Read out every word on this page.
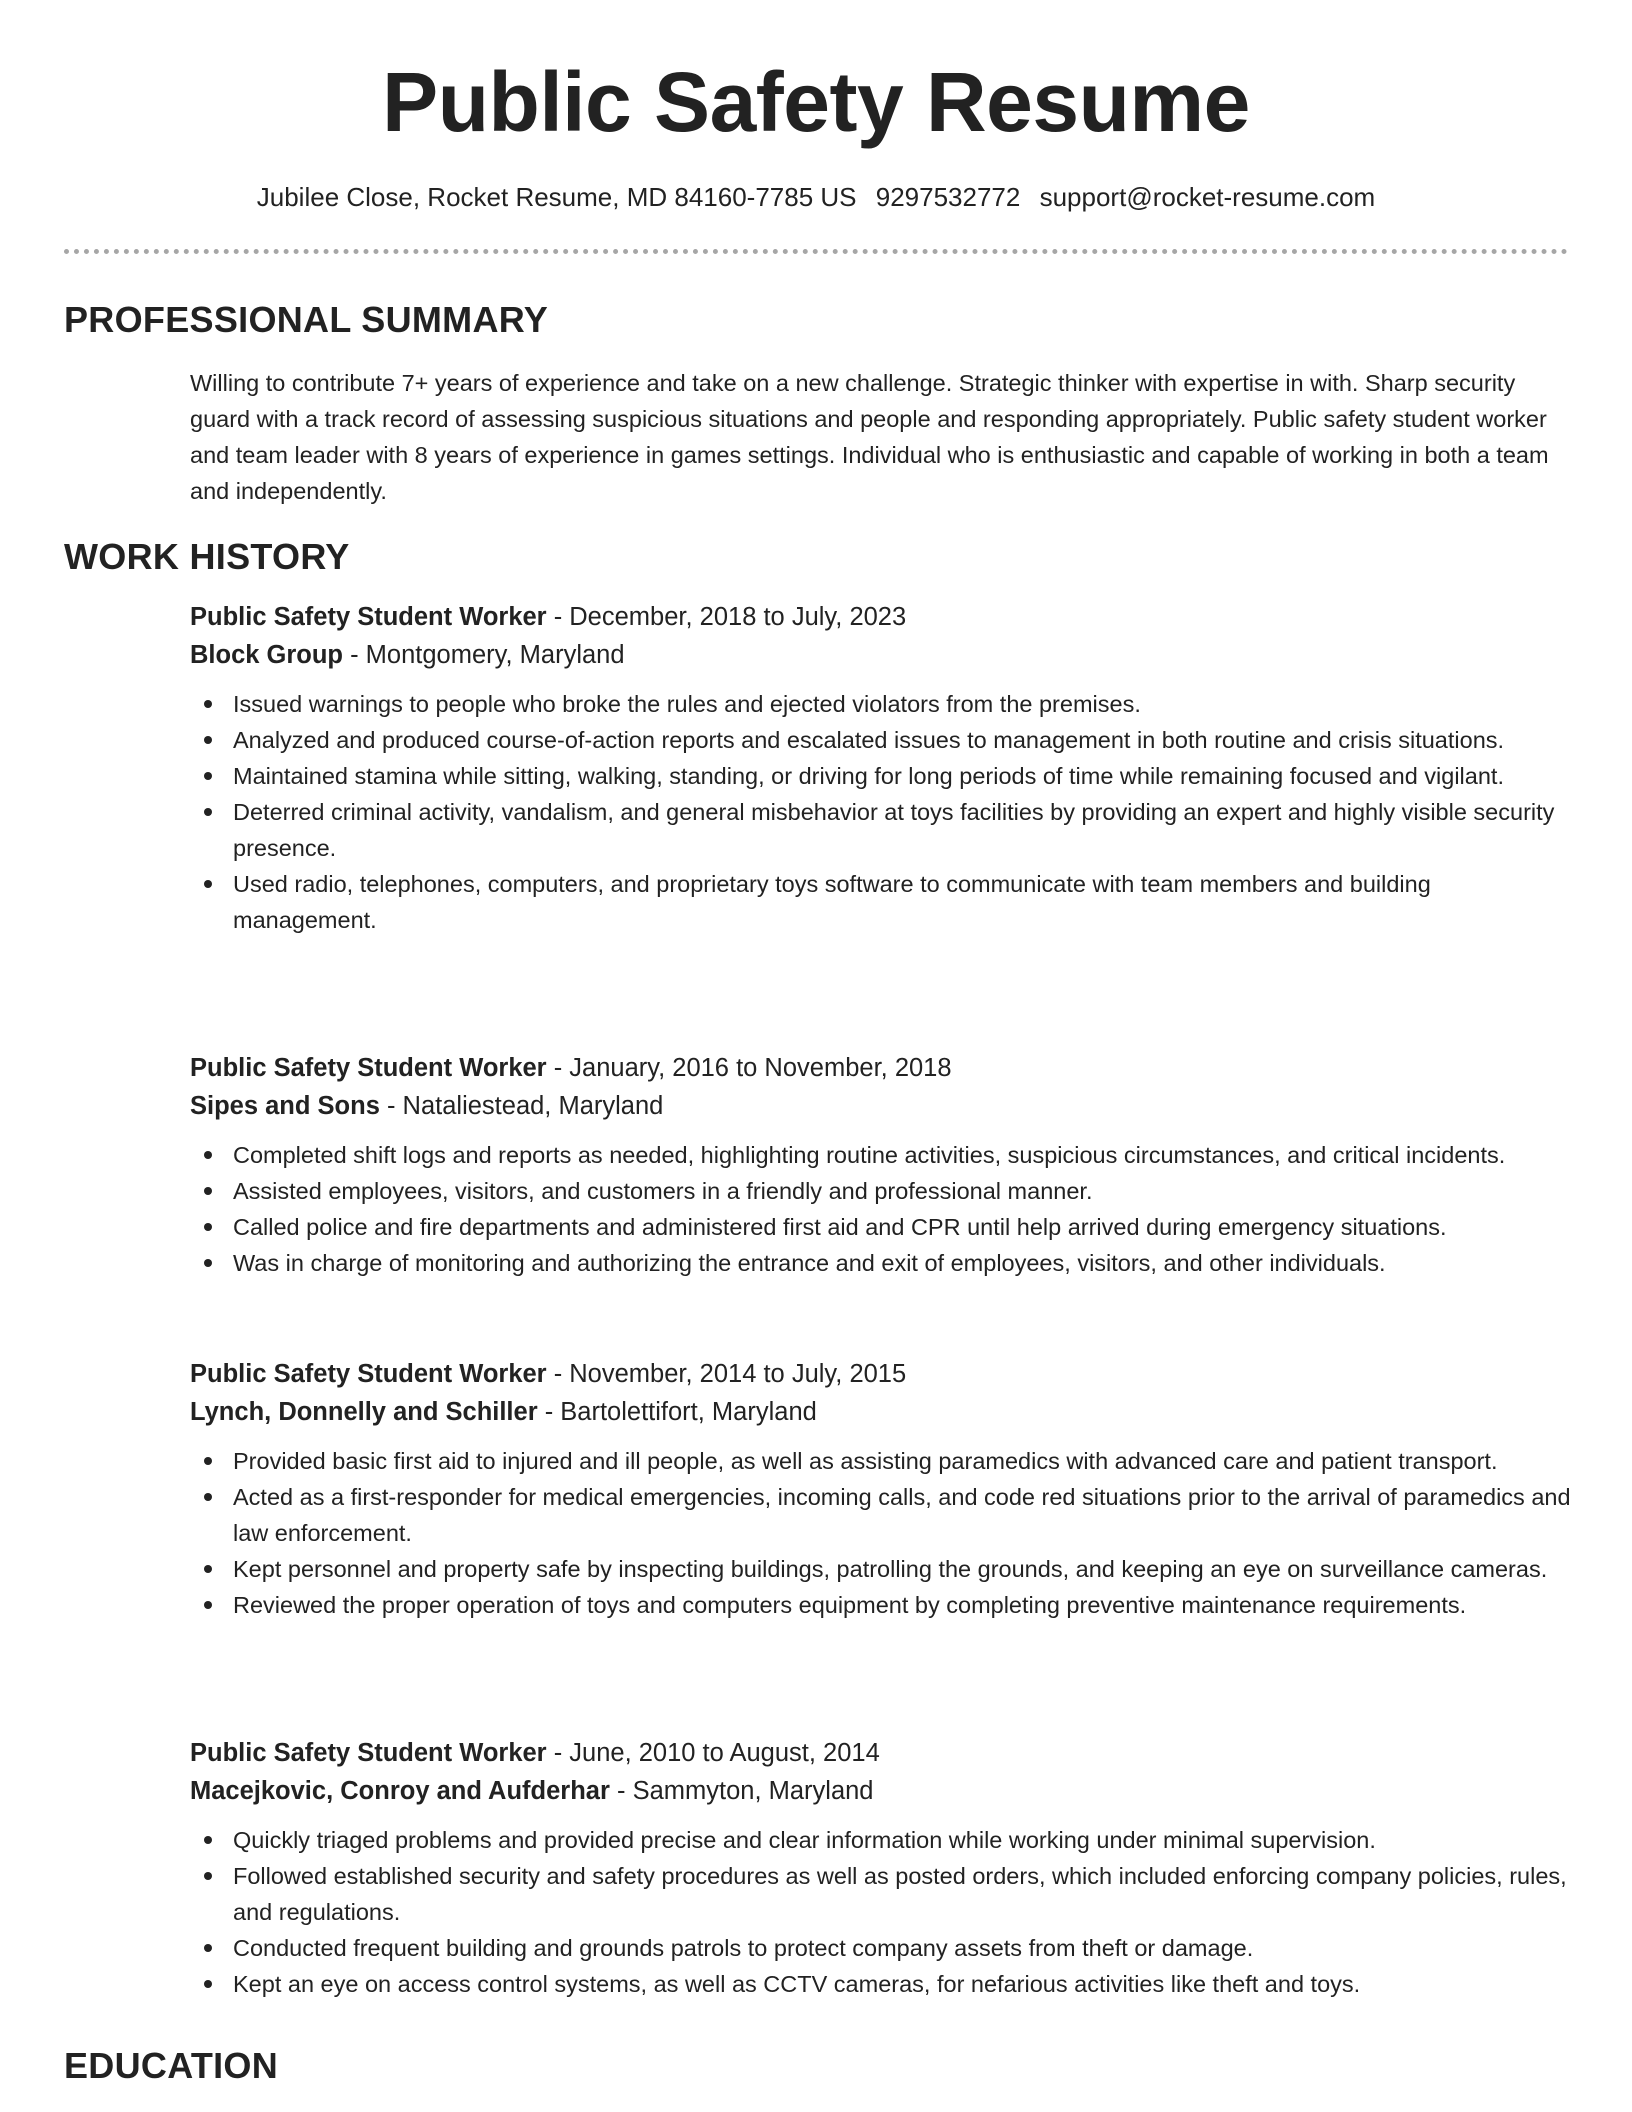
Public Safety Resume
Jubilee Close, Rocket Resume, MD 84160-7785 US 9297532772 support@rocket-resume.com
PROFESSIONAL SUMMARY

Willing to contribute 7+ years of experience and take on a new challenge. Strategic thinker with expertise in with. Sharp security guard with a track record of assessing suspicious situations and people and responding appropriately. Public safety student worker and team leader with 8 years of experience in games settings. Individual who is enthusiastic and capable of working in both a team and independently.

WORK HISTORY

Public Safety Student Worker - December, 2018 to July, 2023

Block Group - Montgomery, Maryland

Issued warnings to people who broke the rules and ejected violators from the premises.
Analyzed and produced course-of-action reports and escalated issues to management in both routine and crisis situations.
Maintained stamina while sitting, walking, standing, or driving for long periods of time while remaining focused and vigilant.
Deterred criminal activity, vandalism, and general misbehavior at toys facilities by providing an expert and highly visible security presence.
Used radio, telephones, computers, and proprietary toys software to communicate with team members and building management.

Public Safety Student Worker - January, 2016 to November, 2018

Sipes and Sons - Nataliestead, Maryland

Completed shift logs and reports as needed, highlighting routine activities, suspicious circumstances, and critical incidents.
Assisted employees, visitors, and customers in a friendly and professional manner.
Called police and fire departments and administered first aid and CPR until help arrived during emergency situations.
Was in charge of monitoring and authorizing the entrance and exit of employees, visitors, and other individuals.

Public Safety Student Worker - November, 2014 to July, 2015

Lynch, Donnelly and Schiller - Bartolettifort, Maryland

Provided basic first aid to injured and ill people, as well as assisting paramedics with advanced care and patient transport.
Acted as a first-responder for medical emergencies, incoming calls, and code red situations prior to the arrival of paramedics and law enforcement.
Kept personnel and property safe by inspecting buildings, patrolling the grounds, and keeping an eye on surveillance cameras.
Reviewed the proper operation of toys and computers equipment by completing preventive maintenance requirements.

Public Safety Student Worker - June, 2010 to August, 2014

Macejkovic, Conroy and Aufderhar - Sammyton, Maryland

Quickly triaged problems and provided precise and clear information while working under minimal supervision.
Followed established security and safety procedures as well as posted orders, which included enforcing company policies, rules, and regulations.
Conducted frequent building and grounds patrols to protect company assets from theft or damage.
Kept an eye on access control systems, as well as CCTV cameras, for nefarious activities like theft and toys.
EDUCATION
